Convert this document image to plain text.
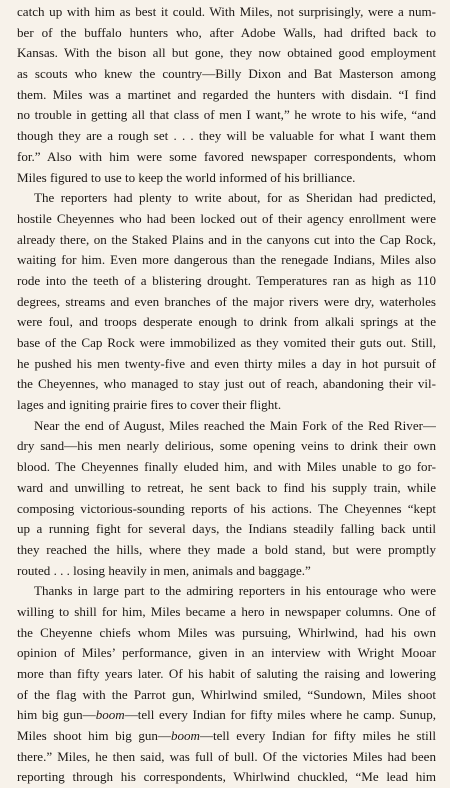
catch up with him as best it could. With Miles, not surprisingly, were a num-
ber of the buffalo hunters who, after Adobe Walls, had drifted back to
Kansas. With the bison all but gone, they now obtained good employment
as scouts who knew the country—Billy Dixon and Bat Masterson among
them. Miles was a martinet and regarded the hunters with disdain. “I find
no trouble in getting all that class of men I want,” he wrote to his wife, “and
though they are a rough set . . . they will be valuable for what I want them
for.” Also with him were some favored newspaper correspondents, whom
Miles figured to use to keep the world informed of his brilliance.
The reporters had plenty to write about, for as Sheridan had predicted,
hostile Cheyennes who had been locked out of their agency enrollment were
already there, on the Staked Plains and in the canyons cut into the Cap Rock,
waiting for him. Even more dangerous than the renegade Indians, Miles also
rode into the teeth of a blistering drought. Temperatures ran as high as 110
degrees, streams and even branches of the major rivers were dry, waterholes
were foul, and troops desperate enough to drink from alkali springs at the
base of the Cap Rock were immobilized as they vomited their guts out. Still,
he pushed his men twenty-five and even thirty miles a day in hot pursuit of
the Cheyennes, who managed to stay just out of reach, abandoning their vil-
lages and igniting prairie fires to cover their flight.
Near the end of August, Miles reached the Main Fork of the Red River—
dry sand—his men nearly delirious, some opening veins to drink their own
blood. The Cheyennes finally eluded him, and with Miles unable to go for-
ward and unwilling to retreat, he sent back to find his supply train, while
composing victorious-sounding reports of his actions. The Cheyennes “kept
up a running fight for several days, the Indians steadily falling back until
they reached the hills, where they made a bold stand, but were promptly
routed . . . losing heavily in men, animals and baggage.”
Thanks in large part to the admiring reporters in his entourage who were
willing to shill for him, Miles became a hero in newspaper columns. One of
the Cheyenne chiefs whom Miles was pursuing, Whirlwind, had his own
opinion of Miles’ performance, given in an interview with Wright Mooar
more than fifty years later. Of his habit of saluting the raising and lowering
of the flag with the Parrot gun, Whirlwind smiled, “Sundown, Miles shoot
him big gun—boom—tell every Indian for fifty miles where he camp. Sunup,
Miles shoot him big gun—boom—tell every Indian for fifty miles he still
there.” Miles, he then said, was full of bull. Of the victories Miles had been
reporting through his correspondents, Whirlwind chuckled, “Me lead him
